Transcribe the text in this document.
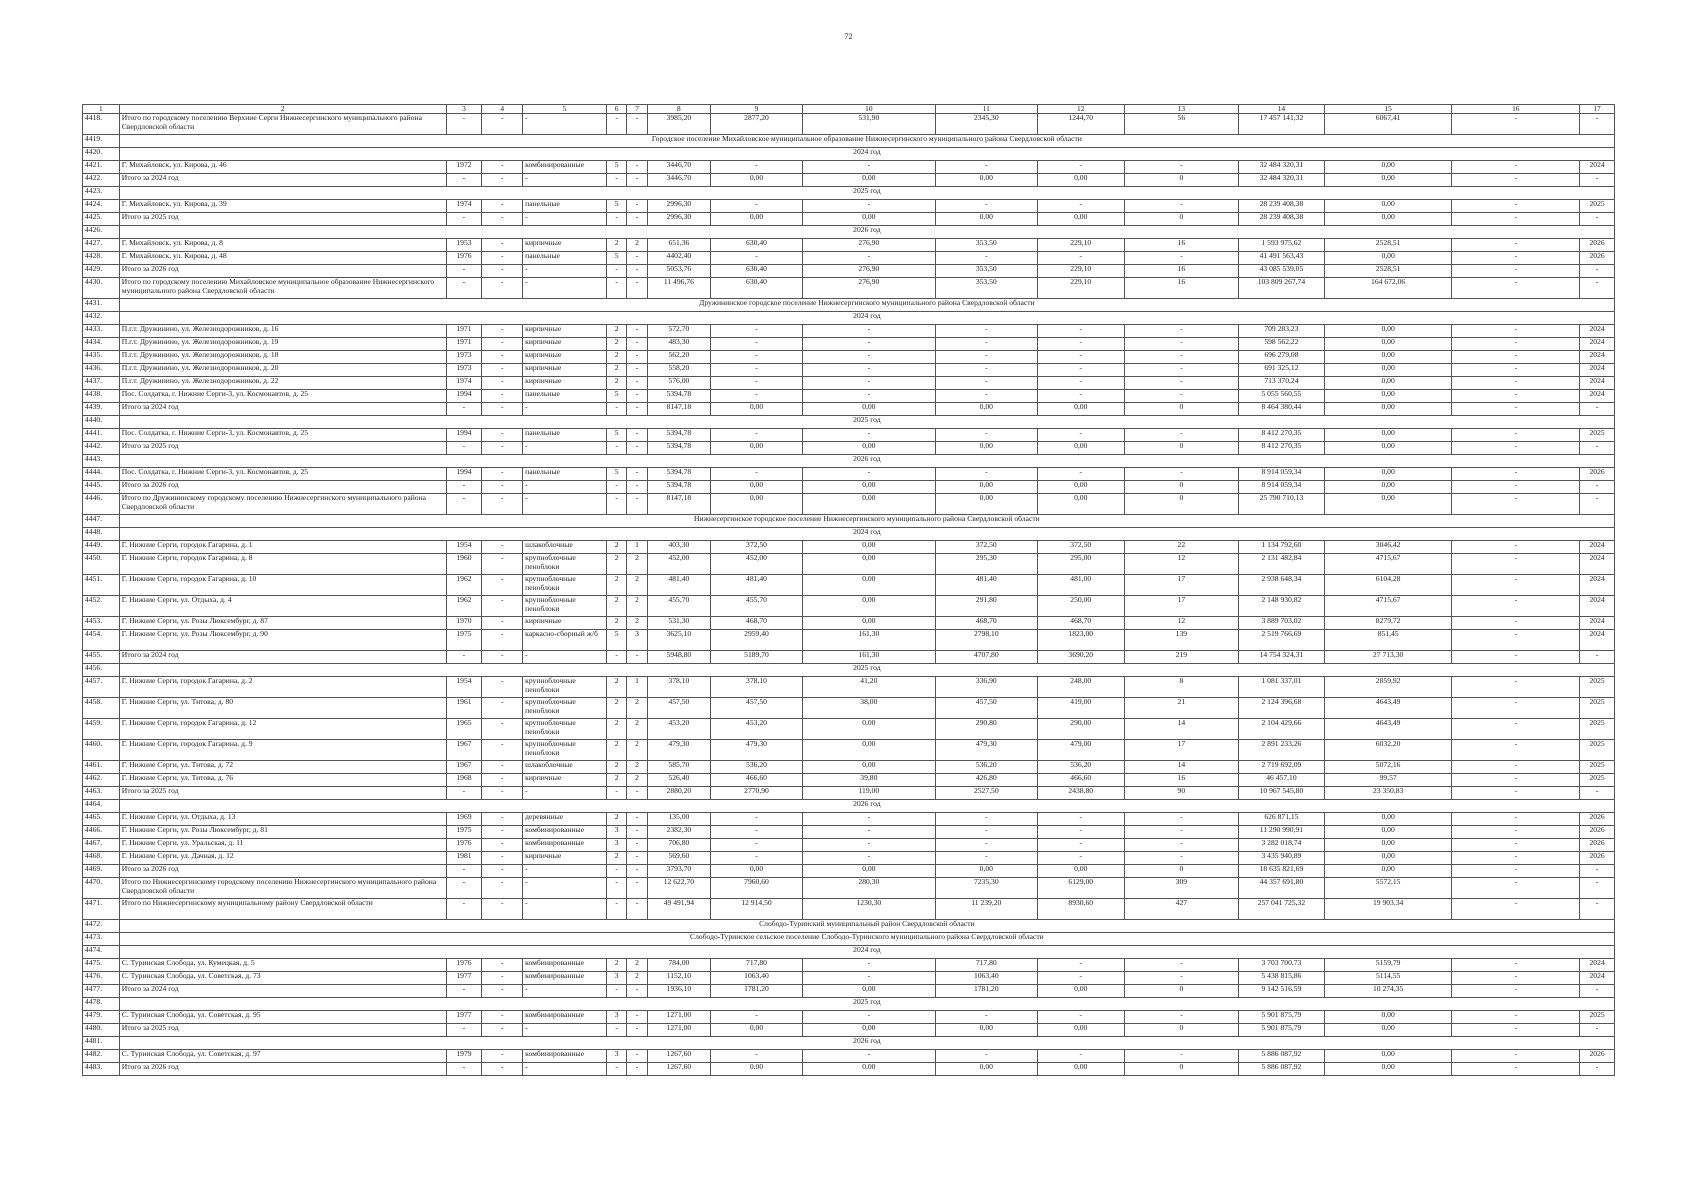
72
1	2	3	4	5	6	7	8	9	10	11	12	13	14	15	16	17
4418.	Итого по городскому поселению Верхние Серги Нижнесергинского муниципального района Свердловской области	-	-	-	-	-	3985,20	2877,20	531,90	2345,30	1244,70	56	17 457 141,32	6067,41	-	-
4419.	Городское поселение Михайловское муниципальное образование Нижнесергинского муниципального района Свердловской области															
4420.	2024 год															
4421.	Г. Михайловск, ул. Кирова, д. 46	1972	-	комбинированные	5	-	3446,70	-	-	-	-	-	32 484 320,31	0,00	-	2024
4422.	Итого за 2024 год	-	-	-	-	-	3446,70	0,00	0,00	0,00	0,00	0	32 484 320,31	0,00	-	-
4423.	2025 год															
4424.	Г. Михайловск, ул. Кирова, д. 39	1974	-	панельные	5	-	2996,30	-	-	-	-	-	28 239 408,38	0,00	-	2025
4425.	Итого за 2025 год	-	-	-	-	-	2996,30	0,00	0,00	0,00	0,00	0	28 239 408,38	0,00	-	-
4426.	2026 год															
4427.	Г. Михайловск, ул. Кирова, д. 8	1953	-	кирпичные	2	2	651,36	630,40	276,90	353,50	229,10	16	1 593 975,62	2528,51	-	2026
4428.	Г. Михайловск, ул. Кирова, д. 48	1976	-	панельные	5	-	4402,40	-	-	-	-	-	41 491 563,43	0,00	-	2026
4429.	Итого за 2026 год	-	-	-	-	-	5053,76	630,40	276,90	353,50	229,10	16	43 085 539,05	2528,51	-	-
4430.	Итого по городскому поселению Михайловское муниципальное образование Нижнесергинского муниципального района Свердловской области	-	-	-	-	-	11 496,76	630,40	276,90	353,50	229,10	16	103 809 267,74	164 672,06	-	-
4431.	Дружининское городское поселение Нижнесергинского муниципального района Свердловской области															
4432.	2024 год															
4433.	П.г.т. Дружинино, ул. Железнодорожников, д. 16	1971	-	кирпичные	2	-	572,70	-	-	-	-	-	709 283,23	0,00	-	2024
4434.	П.г.т. Дружинино, ул. Железнодорожников, д. 19	1971	-	кирпичные	2	-	483,30	-	-	-	-	-	598 562,22	0,00	-	2024
4435.	П.г.т. Дружинино, ул. Железнодорожников, д. 18	1973	-	кирпичные	2	-	562,20	-	-	-	-	-	696 279,08	0,00	-	2024
4436.	П.г.т. Дружинино, ул. Железнодорожников, д. 20	1973	-	кирпичные	2	-	558,20	-	-	-	-	-	691 325,12	0,00	-	2024
4437.	П.г.т. Дружинино, ул. Железнодорожников, д. 22	1974	-	кирпичные	2	-	576,00	-	-	-	-	-	713 370,24	0,00	-	2024
4438.	Пос. Солдатка, г. Нижние Серги-3, ул. Космонавтов, д. 25	1994	-	панельные	5	-	5394,78	-	-	-	-	-	5 055 560,55	0,00	-	2024
4439.	Итого за 2024 год	-	-	-	-	-	8147,18	0,00	0,00	0,00	0,00	0	8 464 380,44	0,00	-	-
4440.	2025 год															
4441.	Пос. Солдатка, г. Нижние Серги-3, ул. Космонавтов, д. 25	1994	-	панельные	5	-	5394,78	-	-	-	-	-	8 412 270,35	0,00	-	2025
4442.	Итого за 2025 год	-	-	-	-	-	5394,78	0,00	0,00	0,00	0,00	0	8 412 270,35	0,00	-	-
4443.	2026 год															
4444.	Пос. Солдатка, г. Нижние Серги-3, ул. Космонавтов, д. 25	1994	-	панельные	5	-	5394,78	-	-	-	-	-	8 914 059,34	0,00	-	2026
4445.	Итого за 2026 год	-	-	-	-	-	5394,78	0,00	0,00	0,00	0,00	0	8 914 059,34	0,00	-	-
4446.	Итого по Дружининскому городскому поселению Нижнесергинского муниципального района Свердловской области	-	-	-	-	-	8147,18	0,00	0,00	0,00	0,00	0	25 790 710,13	0,00	-	-
4447.	Нижнесергинское городское поселение Нижнесергинского муниципального района Свердловской области															
4448.	2024 год															
4449.	Г. Нижние Серги, городок Гагарина, д. 1	1954	-	шлакоблочные	2	1	403,30	372,50	0,00	372,50	372,50	22	1 134 792,60	3046,42	-	2024
4450.	Г. Нижние Серги, городок Гагарина, д. 8	1960	-	крупноблочные пеноблоки	2	2	452,00	452,00	0,00	295,30	295,00	12	2 131 482,84	4715,67	-	2024
4451.	Г. Нижние Серги, городок Гагарина, д. 10	1962	-	крупноблочные пеноблоки	2	2	481,40	481,40	0,00	481,40	481,00	17	2 938 648,34	6104,28	-	2024
4452.	Г. Нижние Серги, ул. Отдыха, д. 4	1962	-	крупноблочные пеноблоки	2	2	455,70	455,70	0,00	291,80	250,00	17	2 148 930,82	4715,67	-	2024
4453.	Г. Нижние Серги, ул. Розы Люксембург, д. 87	1970	-	кирпичные	2	2	531,30	468,70	0,00	468,70	468,70	12	3 889 703,02	8279,72	-	2024
4454.	Г. Нижние Серги, ул. Розы Люксембург, д. 90	1975	-	каркасно-сборный ж/б	5	3	3625,10	2959,40	161,30	2798,10	1823,00	139	2 519 766,69	851,45	-	2024
4455.	Итого за 2024 год	-	-	-	-	-	5948,80	5189,70	161,30	4707,80	3690,20	219	14 754 324,31	27 713,30	-	-
4456.	2025 год															
4457.	Г. Нижние Серги, городок Гагарина, д. 2	1954	-	крупноблочные пеноблоки	2	1	378,10	378,10	41,20	336,90	248,00	8	1 081 337,01	2859,92	-	2025
4458.	Г. Нижние Серги, ул. Титова, д. 80	1961	-	крупноблочные пеноблоки	2	2	457,50	457,50	38,00	457,50	419,00	21	2 124 396,68	4643,49	-	2025
4459.	Г. Нижние Серги, городок Гагарина, д. 12	1965	-	крупноблочные пеноблоки	2	2	453,20	453,20	0,00	290,80	290,00	14	2 104 429,66	4643,49	-	2025
4460.	Г. Нижние Серги, городок Гагарина, д. 9	1967	-	крупноблочные пеноблоки	2	2	479,30	479,30	0,00	479,30	479,00	17	2 891 233,26	6032,20	-	2025
4461.	Г. Нижние Серги, ул. Титова, д. 72	1967	-	шлакоблочные	2	2	585,70	536,20	0,00	536,20	536,20	14	2 719 692,09	5072,16	-	2025
4462.	Г. Нижние Серги, ул. Титова, д. 76	1968	-	кирпичные	2	2	526,40	466,60	39,80	426,80	466,60	16	46 457,10	99,57	-	2025
4463.	Итого за 2025 год	-	-	-	-	-	2880,20	2770,90	119,00	2527,50	2438,80	90	10 967 545,80	23 350,83	-	-
4464.	2026 год															
4465.	Г. Нижние Серги, ул. Отдыха, д. 13	1969	-	деревянные	2	-	135,00	-	-	-	-	-	626 871,15	0,00	-	2026
4466.	Г. Нижние Серги, ул. Розы Люксембург, д. 81	1975	-	комбинированные	3	-	2382,30	-	-	-	-	-	11 290 990,91	0,00	-	2026
4467.	Г. Нижние Серги, ул. Уральская, д. 11	1976	-	комбинированные	3	-	706,80	-	-	-	-	-	3 282 018,74	0,00	-	2026
4468.	Г. Нижние Серги, ул. Дачная, д. 12	1981	-	кирпичные	2	-	569,60	-	-	-	-	-	3 435 940,89	0,00	-	2026
4469.	Итого за 2026 год	-	-	-	-	-	3793,70	0,00	0,00	0,00	0,00	0	18 635 821,69	0,00	-	-
4470.	Итого по Нижнесергинскому городскому поселению Нижнесергинского муниципального района Свердловской области	-	-	-	-	-	12 622,70	7960,60	280,30	7235,30	6129,00	309	44 357 691,80	5572,15	-	-
4471.	Итого по Нижнесергинскому муниципальному району Свердловской области	-	-	-	-	-	49 491,94	12 914,50	1230,30	11 239,20	8930,60	427	257 041 725,32	19 903,34	-	-
4472.	Слободо-Туринский муниципальный район Свердловской области															
4473.	Слободо-Туринское сельское поселение Слободо-Туринского муниципального района Свердловской области															
4474.	2024 год															
4475.	С. Туринская Слобода, ул. Кумецкая, д. 5	1976	-	комбинированные	2	2	784,00	717,80	-	717,80	-	-	3 703 700,73	5159,79	-	2024
4476.	С. Туринская Слобода, ул. Советская, д. 73	1977	-	комбинированные	3	2	1152,10	1063,40	-	1063,40	-	-	5 438 815,86	5114,55	-	2024
4477.	Итого за 2024 год	-	-	-	-	-	1936,10	1781,20	0,00	1781,20	0,00	0	9 142 516,59	10 274,35	-	-
4478.	2025 год															
4479.	С. Туринская Слобода, ул. Советская, д. 95	1977	-	комбинированные	3	-	1271,00	-	-	-	-	-	5 901 875,79	0,00	-	2025
4480.	Итого за 2025 год	-	-	-	-	-	1271,00	0,00	0,00	0,00	0,00	0	5 901 875,79	0,00	-	-
4481.	2026 год															
4482.	С. Туринская Слобода, ул. Советская, д. 97	1979	-	комбинированные	3	-	1267,60	-	-	-	-	-	5 886 087,92	0,00	-	2026
4483.	Итого за 2026 год	-	-	-	-	-	1267,60	0,00	0,00	0,00	0,00	0	5 886 087,92	0,00	-	-
